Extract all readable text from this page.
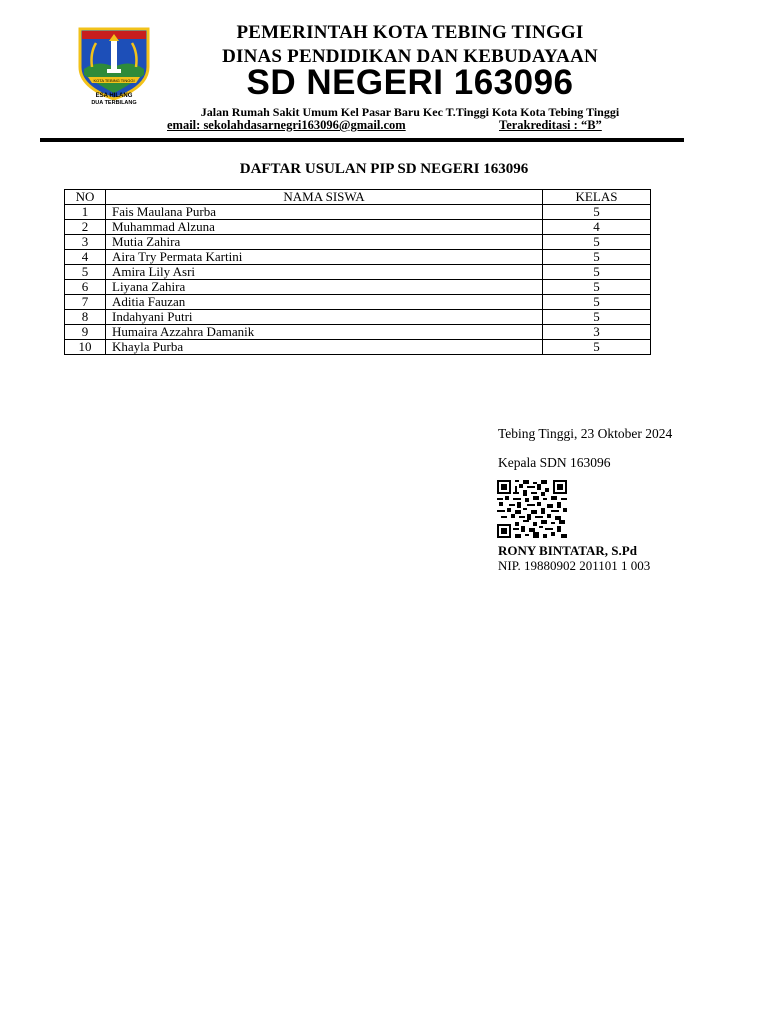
KOTA TEBING TINGGI
ESA HILANG
DUA TERBILANG
PEMERINTAH KOTA TEBING TINGGI
DINAS PENDIDIKAN DAN KEBUDAYAAN
SD NEGERI 163096
Jalan Rumah Sakit Umum Kel Pasar Baru Kec T.Tinggi Kota Kota Tebing Tinggi
email: sekolahdasarnegri163096@gmail.com	Terakreditasi : “B”
DAFTAR USULAN PIP SD NEGERI 163096
NO	NAMA SISWA	KELAS
1	Fais Maulana Purba	5
2	Muhammad Alzuna	4
3	Mutia Zahira	5
4	Aira Try Permata Kartini	5
5	Amira Lily Asri	5
6	Liyana Zahira	5
7	Aditia Fauzan	5
8	Indahyani Putri	5
9	Humaira Azzahra Damanik	3
10	Khayla Purba	5
Tebing Tinggi, 23 Oktober 2024
Kepala SDN 163096
RONY BINTATAR, S.Pd
NIP. 19880902 201101 1 003
